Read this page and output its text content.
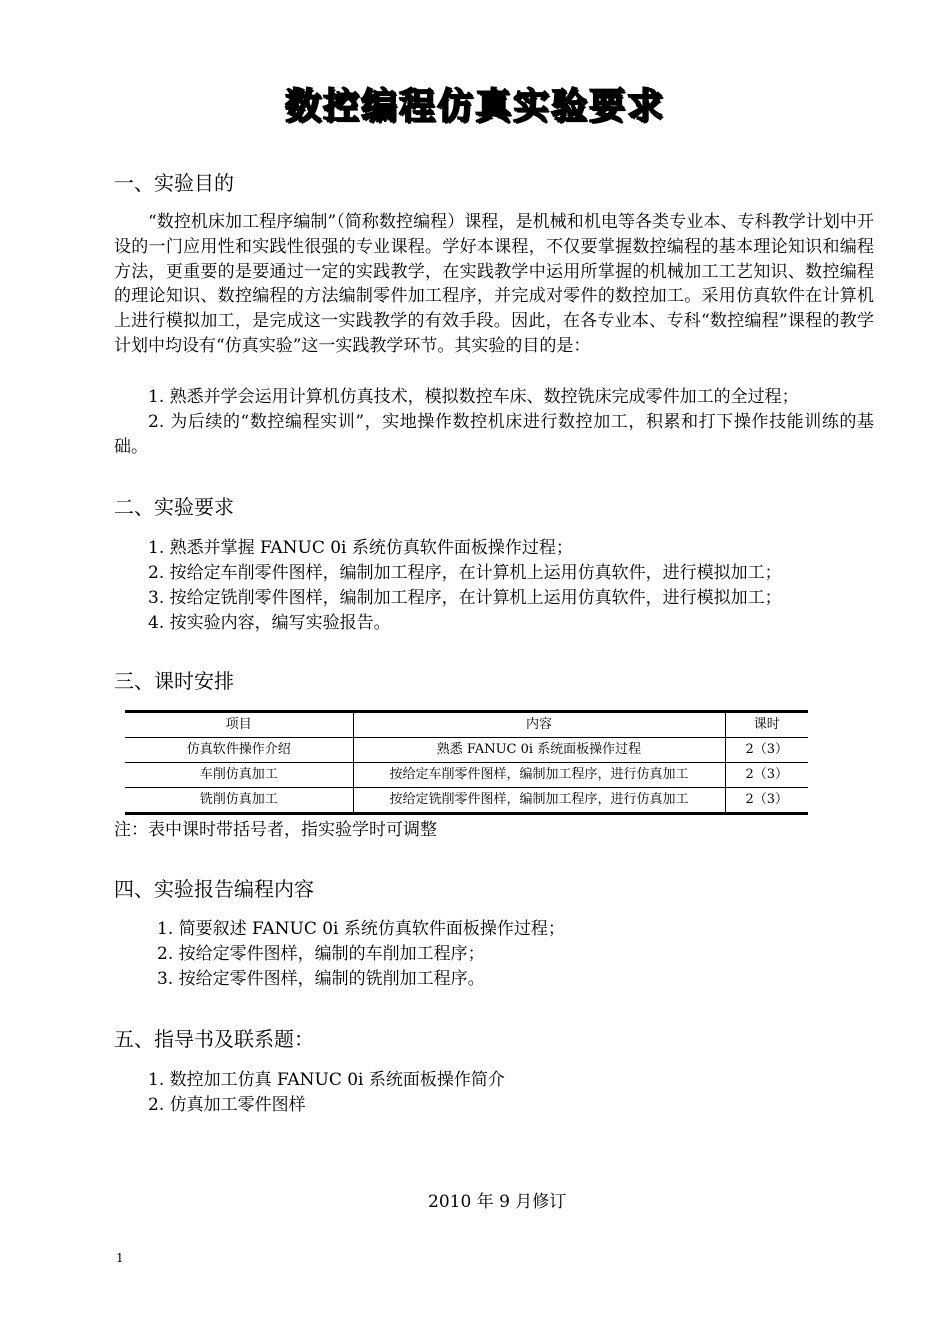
数控编程仿真实验要求
一、实验目的
“数控机床加工程序编制”（简称数控编程）课程，是机械和机电等各类专业本、专科教学计划中开设的一门应用性和实践性很强的专业课程。学好本课程，不仅要掌握数控编程的基本理论知识和编程方法，更重要的是要通过一定的实践教学，在实践教学中运用所掌握的机械加工工艺知识、数控编程的理论知识、数控编程的方法编制零件加工程序，并完成对零件的数控加工。采用仿真软件在计算机上进行模拟加工，是完成这一实践教学的有效手段。因此，在各专业本、专科“数控编程”课程的教学计划中均设有“仿真实验”这一实践教学环节。其实验的目的是：
1. 熟悉并学会运用计算机仿真技术，模拟数控车床、数控铣床完成零件加工的全过程；
2. 为后续的“数控编程实训”，实地操作数控机床进行数控加工，积累和打下操作技能训练的基础。
二、实验要求
1. 熟悉并掌握 FANUC 0i 系统仿真软件面板操作过程；
2. 按给定车削零件图样，编制加工程序，在计算机上运用仿真软件，进行模拟加工；
3. 按给定铣削零件图样，编制加工程序，在计算机上运用仿真软件，进行模拟加工；
4. 按实验内容，编写实验报告。
三、课时安排
项目	内容	课时
仿真软件操作介绍	熟悉 FANUC 0i 系统面板操作过程	2（3）
车削仿真加工	按给定车削零件图样，编制加工程序，进行仿真加工	2（3）
铣削仿真加工	按给定铣削零件图样，编制加工程序，进行仿真加工	2（3）
注：表中课时带括号者，指实验学时可调整
四、实验报告编程内容
1. 简要叙述 FANUC 0i 系统仿真软件面板操作过程；
2. 按给定零件图样，编制的车削加工程序；
3. 按给定零件图样，编制的铣削加工程序。
五、指导书及联系题：
1. 数控加工仿真 FANUC 0i 系统面板操作简介
2. 仿真加工零件图样
2010 年 9 月修订
1
